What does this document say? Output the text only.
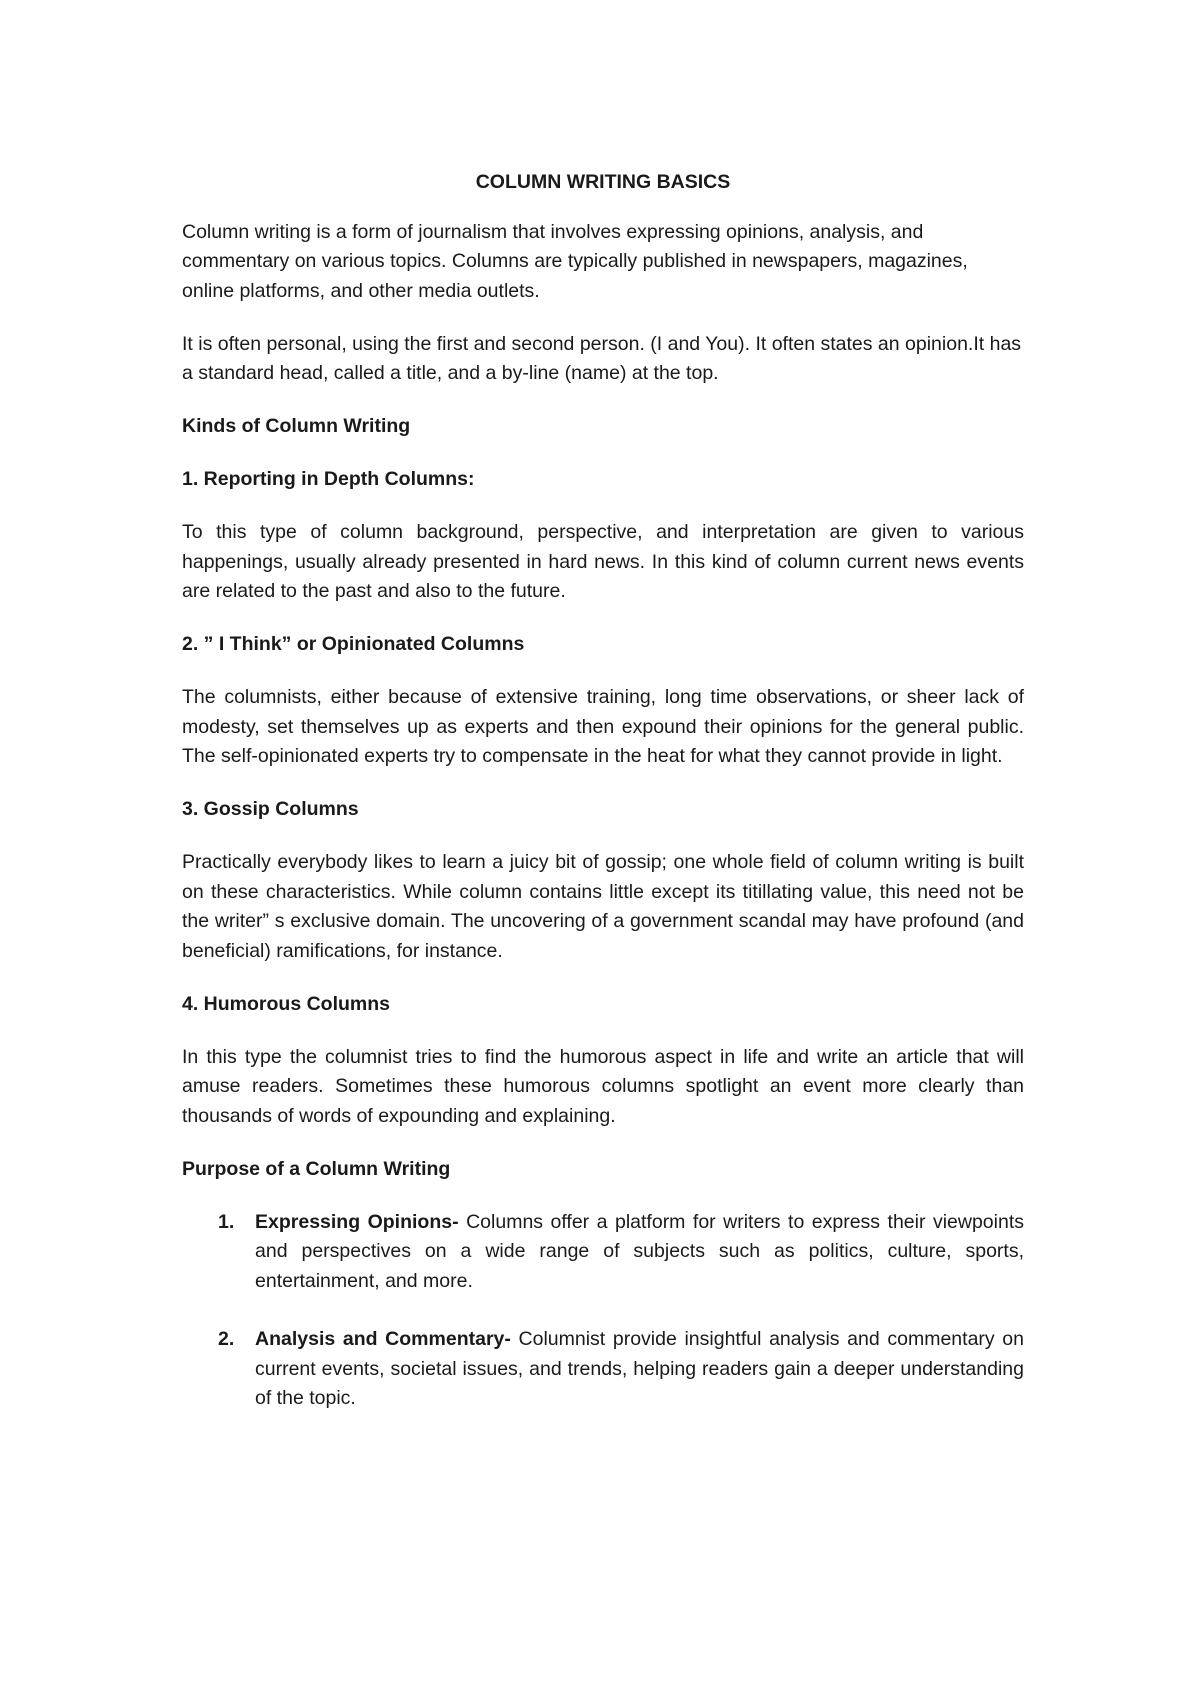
COLUMN WRITING BASICS

Column writing is a form of journalism that involves expressing opinions, analysis, and commentary on various topics. Columns are typically published in newspapers, magazines, online platforms, and other media outlets.

It is often personal, using the first and second person. (I and You). It often states an opinion.It has a standard head, called a title, and a by-line (name) at the top.

Kinds of Column Writing
1. Reporting in Depth Columns:

To this type of column background, perspective, and interpretation are given to various happenings, usually already presented in hard news. In this kind of column current news events are related to the past and also to the future.

2. ” I Think” or Opinionated Columns

The columnists, either because of extensive training, long time observations, or sheer lack of modesty, set themselves up as experts and then expound their opinions for the general public. The self-opinionated experts try to compensate in the heat for what they cannot provide in light.

3. Gossip Columns

Practically everybody likes to learn a juicy bit of gossip; one whole field of column writing is built on these characteristics. While column contains little except its titillating value, this need not be the writer” s exclusive domain. The uncovering of a government scandal may have profound (and beneficial) ramifications, for instance.

4. Humorous Columns

In this type the columnist tries to find the humorous aspect in life and write an article that will amuse readers. Sometimes these humorous columns spotlight an event more clearly than thousands of words of expounding and explaining.

Purpose of a Column Writing
1. Expressing Opinions- Columns offer a platform for writers to express their viewpoints and perspectives on a wide range of subjects such as politics, culture, sports, entertainment, and more.
2. Analysis and Commentary- Columnist provide insightful analysis and commentary on current events, societal issues, and trends, helping readers gain a deeper understanding of the topic.
